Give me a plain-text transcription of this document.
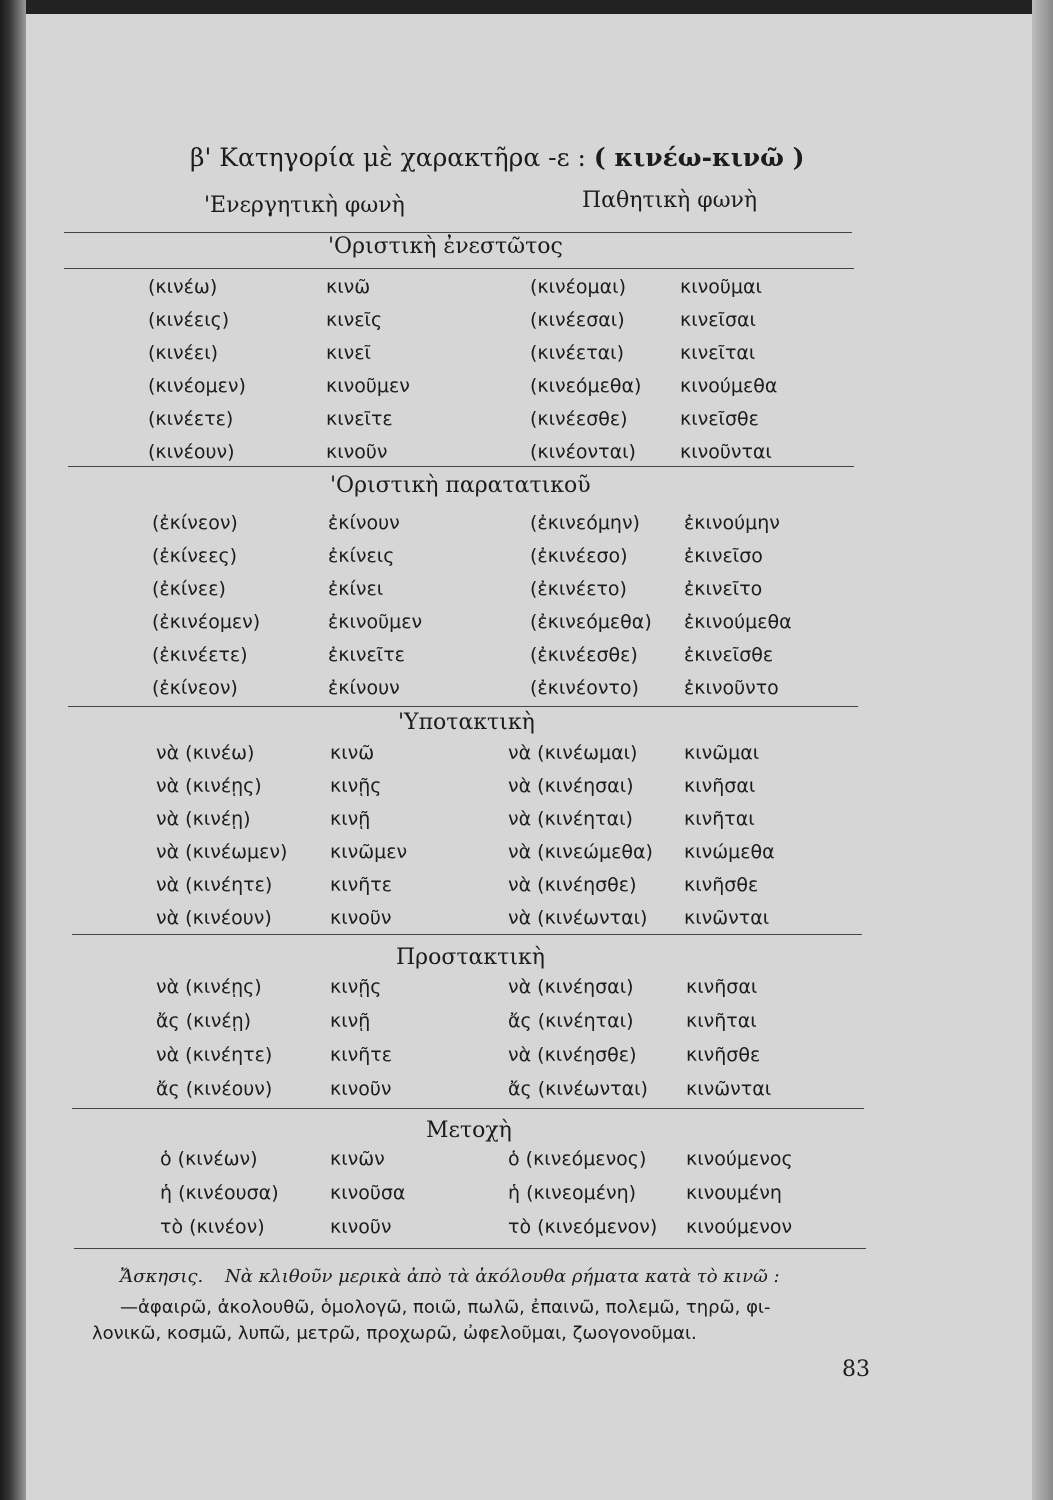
β' Κατηγορία μὲ χαρακτῆρα -ε : ( κινέω-κινῶ )
'Ενεργητικὴ φωνὴ	Παθητικὴ φωνὴ
'Οριστικὴ ἐνεστῶτος
(κινέω)	κινῶ	(κινέομαι)	κινοῦμαι
(κινέεις)	κινεῖς	(κινέεσαι)	κινεῖσαι
(κινέει)	κινεῖ	(κινέεται)	κινεῖται
(κινέομεν)	κινοῦμεν	(κινεόμεθα) κινούμεθα
(κινέετε)	κινεῖτε	(κινέεσθε)	κινεῖσθε
(κινέουν)	κινοῦν	(κινέονται) κινοῦνται
'Οριστικὴ παρατατικοῦ
(ἐκίνεον)	ἐκίνουν	(ἐκινεόμην) ἐκινούμην
(ἐκίνεες)	ἐκίνεις	(ἐκινέεσο)	ἐκινεῖσο
(ἐκίνεε)	ἐκίνει	(ἐκινέετο)	ἐκινεῖτο
(ἐκινέομεν)	ἐκινοῦμεν	(ἐκινεόμεθα) ἐκινούμεθα
(ἐκινέετε)	ἐκινεῖτε	(ἐκινέεσθε) ἐκινεῖσθε
(ἐκίνεον)	ἐκίνουν	(ἐκινέοντο) ἐκινοῦντο
'Υποτακτικὴ
νὰ (κινέω)	κινῶ	νὰ (κινέωμαι) κινῶμαι
νὰ (κινέῃς)	κινῇς	νὰ (κινέησαι)	κινῆσαι
νὰ (κινέῃ)	κινῇ	νὰ (κινέηται)	κινῆται
νὰ (κινέωμεν) κινῶμεν	νὰ (κινεώμεθα) κινώμεθα
νὰ (κινέητε)	κινῆτε	νὰ (κινέησθε)	κινῆσθε
νὰ (κινέουν)	κινοῦν	νὰ (κινέωνται) κινῶνται
Προστακτικὴ
νὰ (κινέῃς)	κινῇς	νὰ (κινέησαι)	κινῆσαι
ἄς (κινέῃ)	κινῇ	ἄς (κινέηται)	κινῆται
νὰ (κινέητε)	κινῆτε	νὰ (κινέησθε)	κινῆσθε
ἄς (κινέουν)	κινοῦν	ἄς (κινέωνται) κινῶνται
Μετοχὴ
ὁ (κινέων)	κινῶν	ὁ (κινεόμενος) κινούμενος
ἡ (κινέουσα)	κινοῦσα	ἡ (κινεομένη)	κινουμένη
τὸ (κινέον)	κινοῦν	τὸ (κινεόμενον) κινούμενον
Ἄσκησις. Νὰ κλιθοῦν μερικὰ ἀπὸ τὰ ἀκόλουθα ρήματα κατὰ τὸ κινῶ :
—ἀφαιρῶ, ἀκολουθῶ, ὁμολογῶ, ποιῶ, πωλῶ, ἐπαινῶ, πολεμῶ, τηρῶ, φι-
λονικῶ, κοσμῶ, λυπῶ, μετρῶ, προχωρῶ, ὠφελοῦμαι, ζωογονοῦμαι.
83
